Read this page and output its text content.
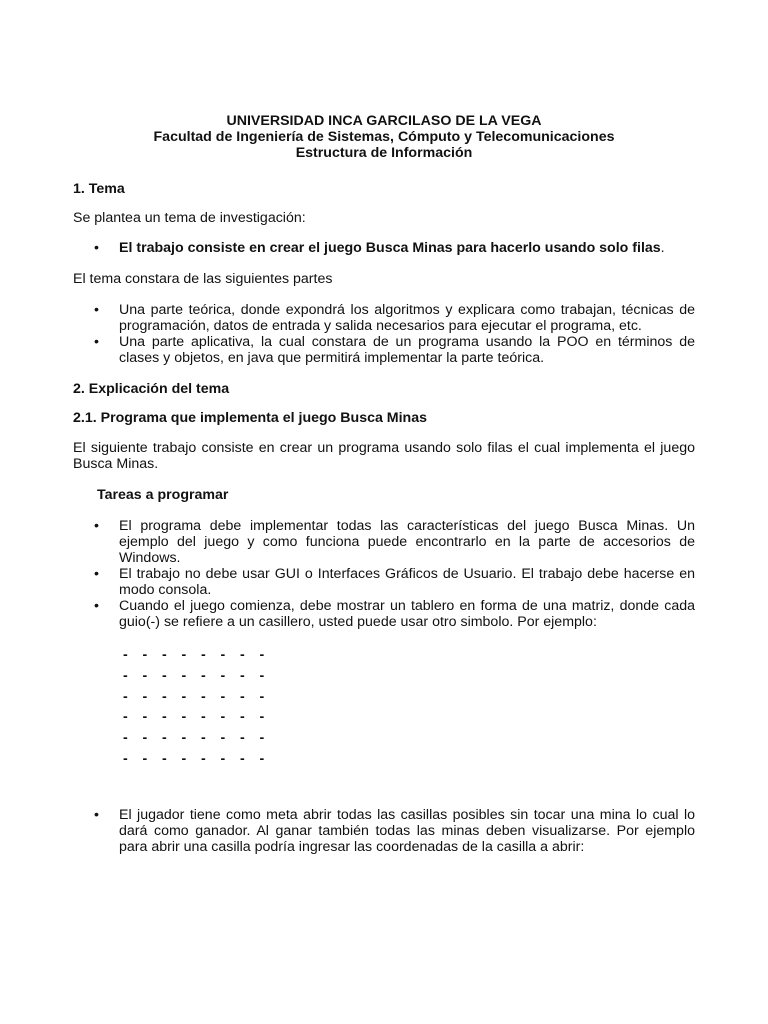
UNIVERSIDAD INCA GARCILASO DE LA VEGA
Facultad de Ingeniería de Sistemas, Cómputo y Telecomunicaciones
Estructura de Información

1. Tema

Se plantea un tema de investigación:

• El trabajo consiste en crear el juego Busca Minas para hacerlo usando solo filas.

El tema constara de las siguientes partes

• Una parte teórica, donde expondrá los algoritmos y explicara como trabajan, técnicas de programación, datos de entrada y salida necesarios para ejecutar el programa, etc.
• Una parte aplicativa, la cual constara de un programa usando la POO en términos de clases y objetos, en java que permitirá implementar la parte teórica.

2. Explicación del tema

2.1. Programa que implementa el juego Busca Minas

El siguiente trabajo consiste en crear un programa usando solo filas el cual implementa el juego Busca Minas.

Tareas a programar

• El programa debe implementar todas las características del juego Busca Minas. Un ejemplo del juego y como funciona puede encontrarlo en la parte de accesorios de Windows.
• El trabajo no debe usar GUI o Interfaces Gráficos de Usuario. El trabajo debe hacerse en modo consola.
• Cuando el juego comienza, debe mostrar un tablero en forma de una matriz, donde cada guio(-) se refiere a un casillero, usted puede usar otro simbolo. Por ejemplo:
- - - - - - - -
- - - - - - - -
- - - - - - - -
- - - - - - - -
- - - - - - - -
- - - - - - - -
• El jugador tiene como meta abrir todas las casillas posibles sin tocar una mina lo cual lo dará como ganador. Al ganar también todas las minas deben visualizarse. Por ejemplo para abrir una casilla podría ingresar las coordenadas de la casilla a abrir:
